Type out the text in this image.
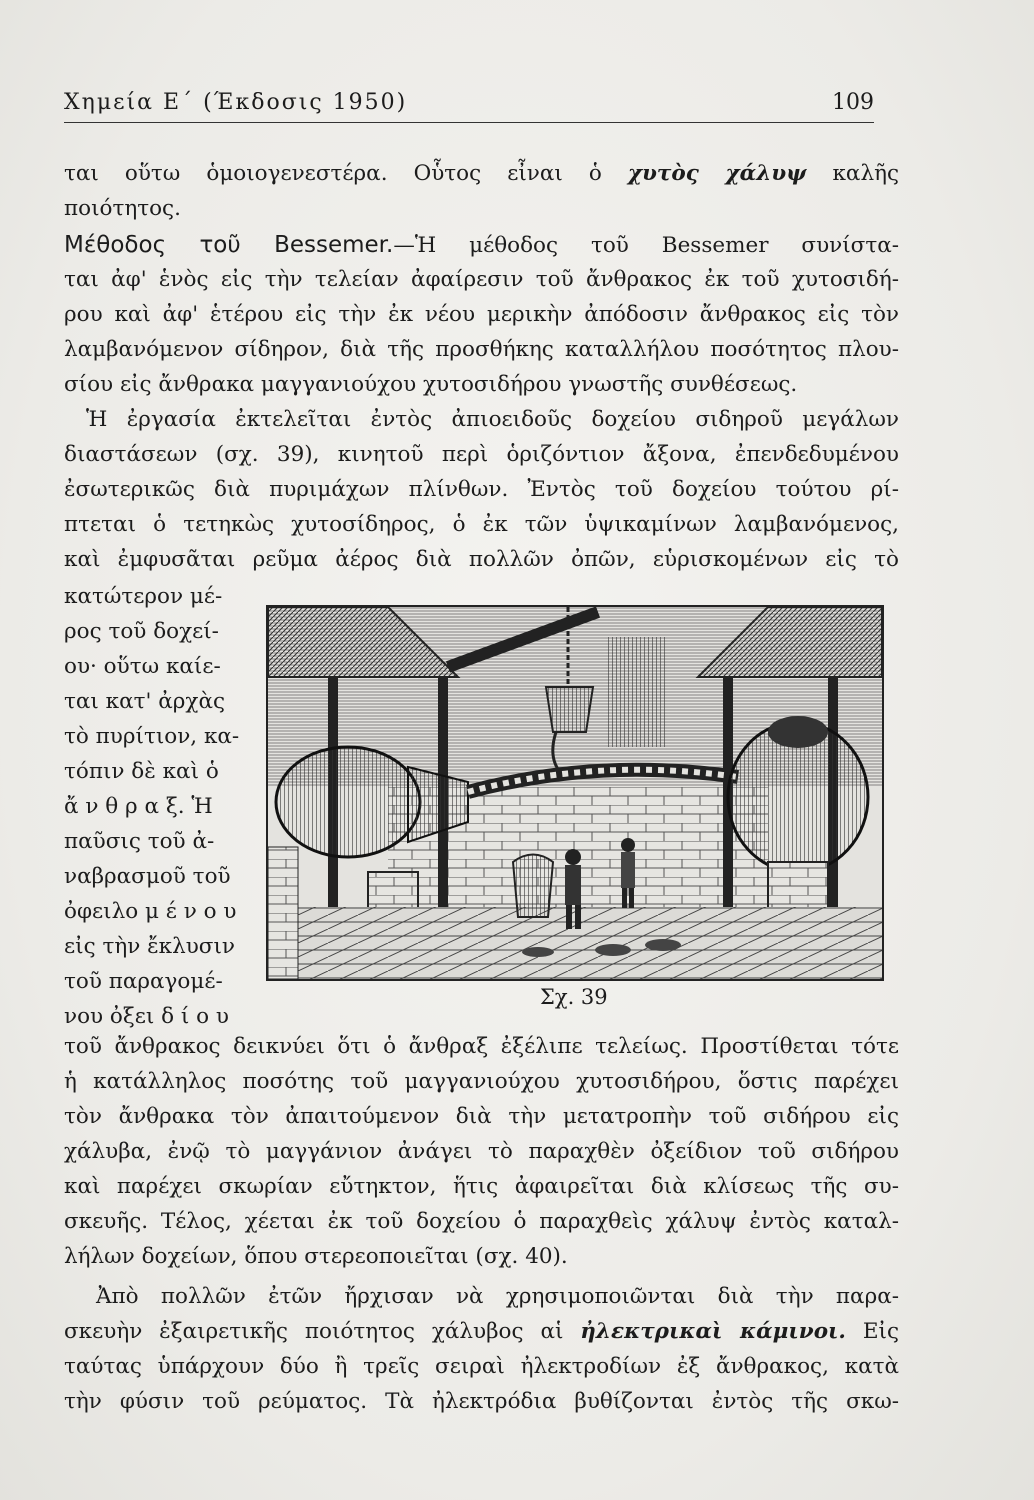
Χημεία Ε΄ (Έκδοσις 1950)	109
ται οὕτω ὁμοιογενεστέρα. Οὗτος εἶναι ὁ χυτὸς χάλυψ καλῆς
ποιότητος.
Μέθοδος τοῦ Bessemer.—Ἡ μέθοδος τοῦ Bessemer συνίστα-
ται ἀφ' ἑνὸς εἰς τὴν τελείαν ἀφαίρεσιν τοῦ ἄνθρακος ἐκ τοῦ χυτοσιδή-
ρου καὶ ἀφ' ἑτέρου εἰς τὴν ἐκ νέου μερικὴν ἀπόδοσιν ἄνθρακος εἰς τὸν
λαμβανόμενον σίδηρον, διὰ τῆς προσθήκης καταλλήλου ποσότητος πλου-
σίου εἰς ἄνθρακα μαγγανιούχου χυτοσιδήρου γνωστῆς συνθέσεως.
Ἡ ἐργασία ἐκτελεῖται ἐντὸς ἀπιοειδοῦς δοχείου σιδηροῦ μεγάλων
διαστάσεων (σχ. 39), κινητοῦ περὶ ὁριζόντιον ἄξονα, ἐπενδεδυμένου
ἐσωτερικῶς διὰ πυριμάχων πλίνθων. Ἐντὸς τοῦ δοχείου τούτου ρί-
πτεται ὁ τετηκὼς χυτοσίδηρος, ὁ ἐκ τῶν ὑψικαμίνων λαμβανόμενος,
καὶ ἐμφυσᾶται ρεῦμα ἀέρος διὰ πολλῶν ὀπῶν, εὑρισκομένων εἰς τὸ
κατώτερον μέ-
ρος τοῦ δοχεί-
ου· οὕτω καίε-
ται κατ' ἀρχὰς
τὸ πυρίτιον, κα-
τόπιν δὲ καὶ ὁ
ἄ ν θ ρ α ξ. Ἡ
παῦσις τοῦ ἀ-
ναβρασμοῦ τοῦ
ὀφειλο μ έ ν ο υ
εἰς τὴν ἔκλυσιν
τοῦ παραγομέ-
νου ὀξει δ ί ο υ
Σχ. 39
τοῦ ἄνθρακος δεικνύει ὅτι ὁ ἄνθραξ ἐξέλιπε τελείως. Προστίθεται τότε
ἡ κατάλληλος ποσότης τοῦ μαγγανιούχου χυτοσιδήρου, ὅστις παρέχει
τὸν ἄνθρακα τὸν ἀπαιτούμενον διὰ τὴν μετατροπὴν τοῦ σιδήρου εἰς
χάλυβα, ἐνῷ τὸ μαγγάνιον ἀνάγει τὸ παραχθὲν ὀξείδιον τοῦ σιδήρου
καὶ παρέχει σκωρίαν εὔτηκτον, ἥτις ἀφαιρεῖται διὰ κλίσεως τῆς συ-
σκευῆς. Τέλος, χέεται ἐκ τοῦ δοχείου ὁ παραχθεὶς χάλυψ ἐντὸς καταλ-
λήλων δοχείων, ὅπου στερεοποιεῖται (σχ. 40).
Ἀπὸ πολλῶν ἐτῶν ἤρχισαν νὰ χρησιμοποιῶνται διὰ τὴν παρα-
σκευὴν ἐξαιρετικῆς ποιότητος χάλυβος αἱ ἠλεκτρικαὶ κάμινοι. Εἰς
ταύτας ὑπάρχουν δύο ἢ τρεῖς σειραὶ ἠλεκτροδίων ἐξ ἄνθρακος, κατὰ
τὴν φύσιν τοῦ ρεύματος. Τὰ ἠλεκτρόδια βυθίζονται ἐντὸς τῆς σκω-
